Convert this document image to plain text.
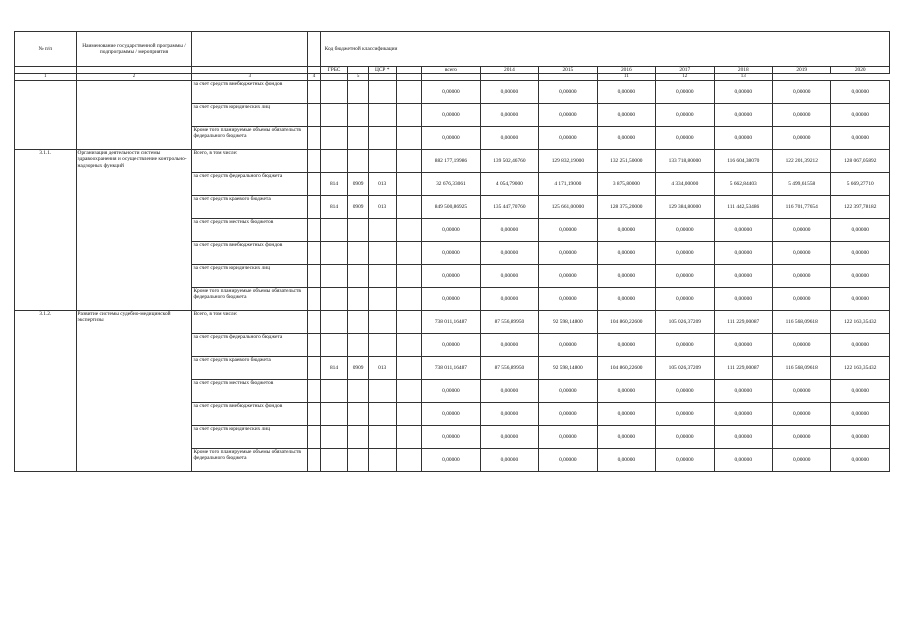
№ п/п	Наименование государственной программы / подпрограммы / мероприятия			Код бюджетной классификации											
				ГРБС		ЦСР *		всего	2014	2015	2016	2017	2018	2019	2020
1	2	3	4		5						11	12	13		
		за счет средств внебюджетных фондов						0,00000	0,00000	0,00000	0,00000	0,00000	0,00000	0,00000	0,00000
		за счет средств юридических лиц						0,00000	0,00000	0,00000	0,00000	0,00000	0,00000	0,00000	0,00000
		Кроме того планируемые объемы обязательств федерального бюджета						0,00000	0,00000	0,00000	0,00000	0,00000	0,00000	0,00000	0,00000
3.1.1.	Организация деятельности системы здравоохранения и осуществление контрольно-надзорных функций	Всего, в том числе:						882 177,19986	139 502,46760	129 832,19000	132 251,50000	133 718,80000	116 604,38070	122 201,39212	128 067,05892
		за счет средств федерального бюджета		814	0909	013		32 676,33061	4 054,79000	4 171,19000	3 875,80000	4 334,00000	5 662,84403	5 499,61558	5 669,27710
		за счет средств краевого бюджета		814	0909	013		849 500,86925	135 447,70760	125 661,00000	128 375,20000	129 384,80000	111 442,53486	116 701,77654	122 397,78182
		за счет средств местных бюджетов						0,00000	0,00000	0,00000	0,00000	0,00000	0,00000	0,00000	0,00000
		за счет средств внебюджетных фондов						0,00000	0,00000	0,00000	0,00000	0,00000	0,00000	0,00000	0,00000
		за счет средств юридических лиц						0,00000	0,00000	0,00000	0,00000	0,00000	0,00000	0,00000	0,00000
		Кроме того планируемые объемы обязательств федерального бюджета						0,00000	0,00000	0,00000	0,00000	0,00000	0,00000	0,00000	0,00000
3.1.2.	Развитие системы судебно-медицинской экспертизы	Всего, в том числе:						738 011,16487	87 556,89950	92 598,14800	104 860,22600	105 026,37209	111 229,00087	116 568,09618	122 163,35432
		за счет средств федерального бюджета						0,00000	0,00000	0,00000	0,00000	0,00000	0,00000	0,00000	0,00000
		за счет средств краевого бюджета		814	0909	013		738 011,16487	87 556,89950	92 598,14800	104 860,22600	105 026,37209	111 229,00087	116 568,09618	122 163,35432
		за счет средств местных бюджетов						0,00000	0,00000	0,00000	0,00000	0,00000	0,00000	0,00000	0,00000
		за счет средств внебюджетных фондов						0,00000	0,00000	0,00000	0,00000	0,00000	0,00000	0,00000	0,00000
		за счет средств юридических лиц						0,00000	0,00000	0,00000	0,00000	0,00000	0,00000	0,00000	0,00000
		Кроме того планируемые объемы обязательств федерального бюджета						0,00000	0,00000	0,00000	0,00000	0,00000	0,00000	0,00000	0,00000
